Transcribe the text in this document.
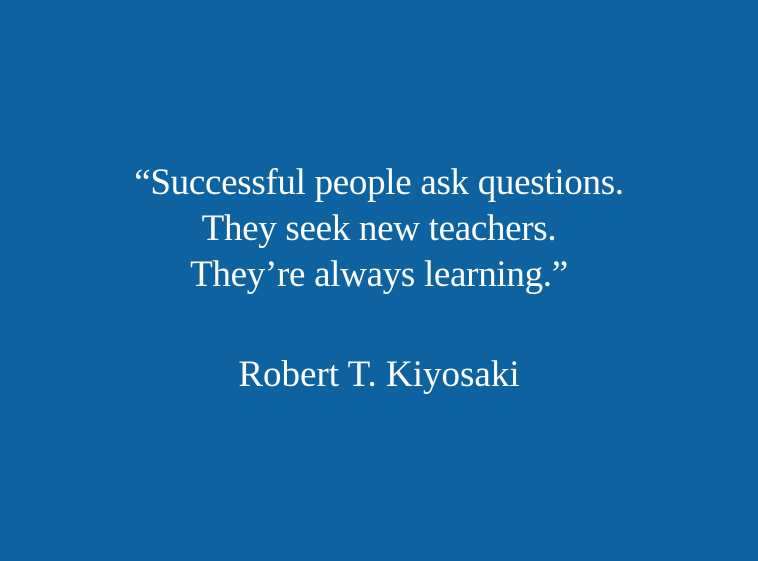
“Successful people ask questions.
They seek new teachers.
They’re always learning.”
Robert T. Kiyosaki
